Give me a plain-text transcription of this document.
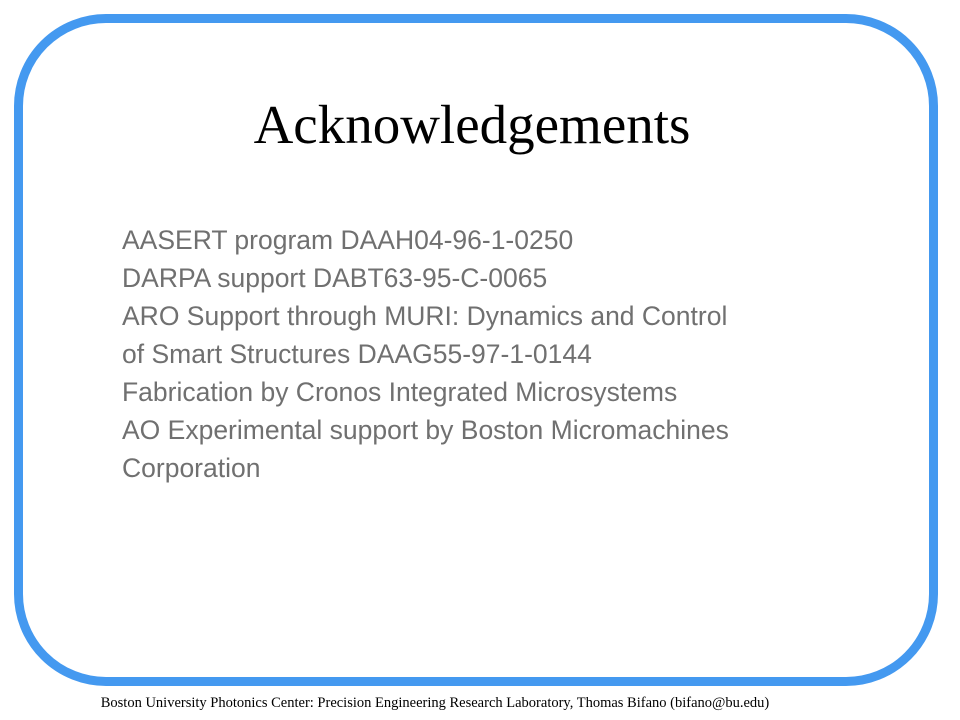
Acknowledgements
AASERT program DAAH04-96-1-0250
DARPA support DABT63-95-C-0065
ARO Support through MURI: Dynamics and Control
of Smart Structures DAAG55-97-1-0144
Fabrication by Cronos Integrated Microsystems
AO Experimental support by Boston Micromachines
Corporation
Boston University Photonics Center: Precision Engineering Research Laboratory, Thomas Bifano (bifano@bu.edu)
